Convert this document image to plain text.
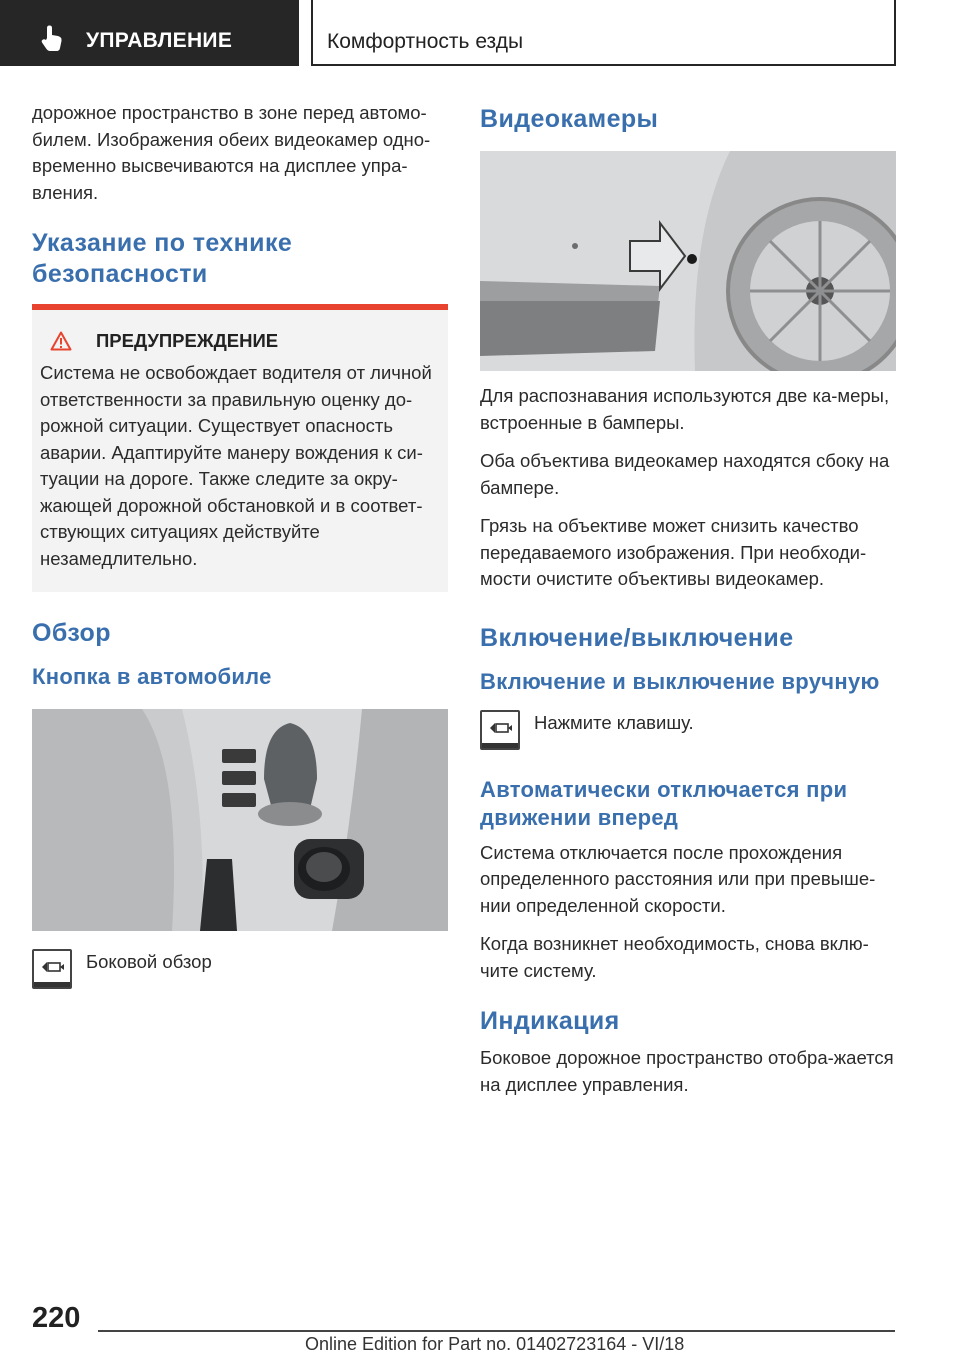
УПРАВЛЕНИЕ	Комфортность езды

дорожное пространство в зоне перед автомо-билем. Изображения обеих видеокамер одно-временно высвечиваются на дисплее упра-вления.

Указание по технике безопасности
ПРЕДУПРЕЖДЕНИЕ

Система не освобождает водителя от личной ответственности за правильную оценку до-рожной ситуации. Существует опасность аварии. Адаптируйте манеру вождения к си-туации на дороге. Также следите за окру-жающей дорожной обстановкой и в соответ-ствующих ситуациях действуйте незамедлительно.

Обзор
Кнопка в автомобиле

Боковой обзор

Видеокамеры

Для распознавания используются две ка-меры, встроенные в бамперы.

Оба объектива видеокамер находятся сбоку на бампере.

Грязь на объективе может снизить качество передаваемого изображения. При необходи-мости очистите объективы видеокамер.

Включение/выключение
Включение и выключение вручную

Нажмите клавишу.

Автоматически отключается при движении вперед

Система отключается после прохождения определенного расстояния или при превыше-нии определенной скорости.

Когда возникнет необходимость, снова вклю-чите систему.

Индикация

Боковое дорожное пространство отобра-жается на дисплее управления.

220
Online Edition for Part no. 01402723164 - VI/18
